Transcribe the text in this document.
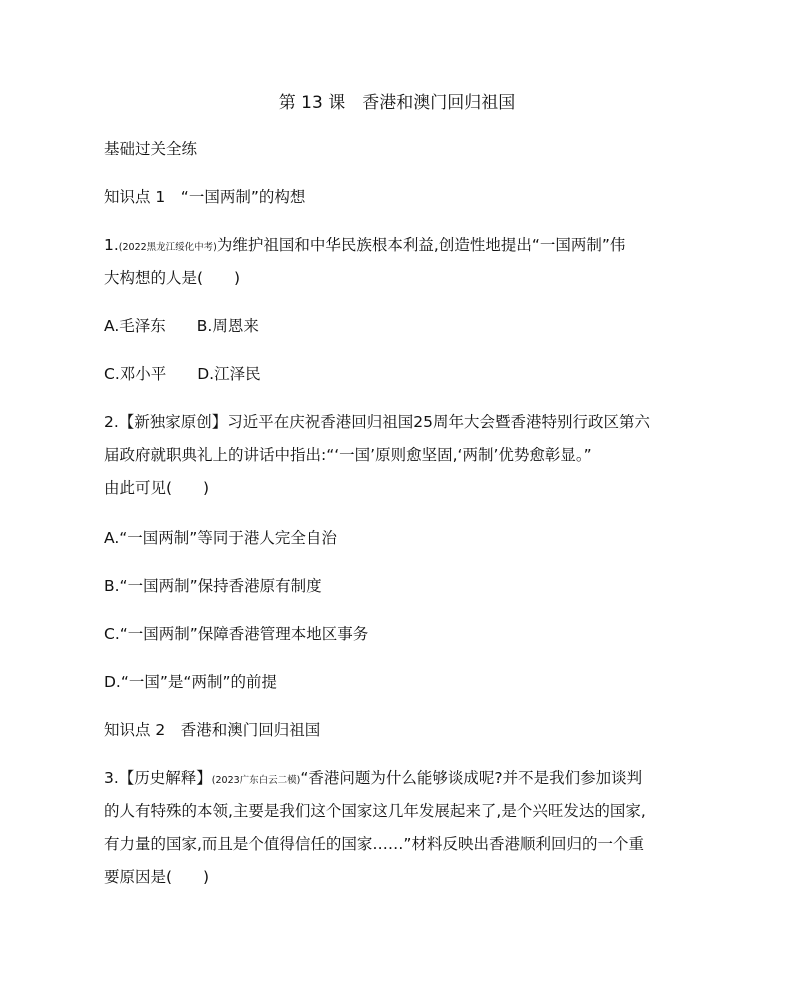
第 13 课　香港和澳门回归祖国
基础过关全练
知识点 1　“一国两制”的构想
1.(2022黑龙江绥化中考)为维护祖国和中华民族根本利益,创造性地提出“一国两制”伟
大构想的人是(　　)
A.毛泽东　　B.周恩来
C.邓小平　　D.江泽民
2.【新独家原创】习近平在庆祝香港回归祖国25周年大会暨香港特别行政区第六
届政府就职典礼上的讲话中指出:“‘一国’原则愈坚固,‘两制’优势愈彰显。”
由此可见(　　)
A.“一国两制”等同于港人完全自治
B.“一国两制”保持香港原有制度
C.“一国两制”保障香港管理本地区事务
D.“一国”是“两制”的前提
知识点 2　香港和澳门回归祖国
3.【历史解释】(2023广东白云二模)“香港问题为什么能够谈成呢?并不是我们参加谈判
的人有特殊的本领,主要是我们这个国家这几年发展起来了,是个兴旺发达的国家,
有力量的国家,而且是个值得信任的国家……”材料反映出香港顺利回归的一个重
要原因是(　　)
